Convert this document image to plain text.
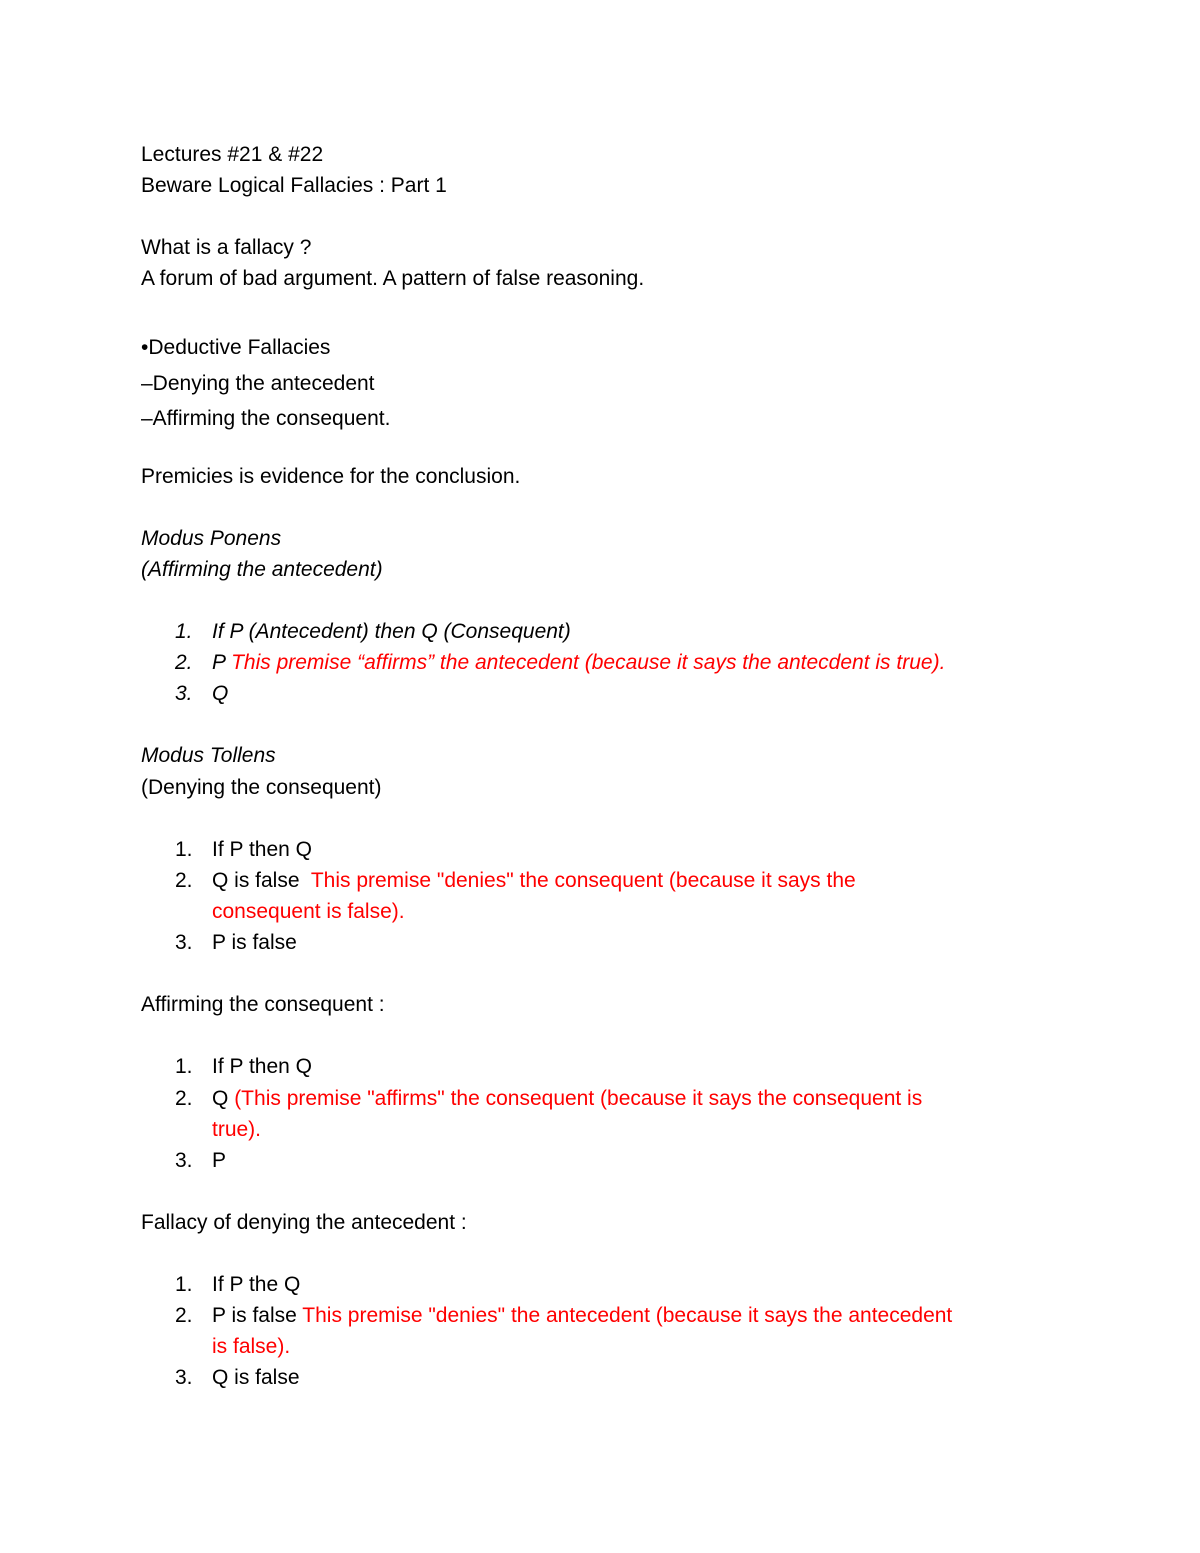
Lectures #21 & #22

Beware Logical Fallacies : Part 1

What is a fallacy ?

A forum of bad argument. A pattern of false reasoning.

•Deductive Fallacies

–Denying the antecedent

–Affirming the consequent.

Premicies is evidence for the conclusion.

Modus Ponens

(Affirming the antecedent)

1. If P (Antecedent) then Q (Consequent)
2. P This premise “affirms” the antecedent (because it says the antecdent is true).
3. Q

Modus Tollens

(Denying the consequent)

1. If P then Q
2. Q is false This premise "denies" the consequent (because it says the
consequent is false).
3. P is false

Affirming the consequent :

1. If P then Q
2. Q (This premise "affirms" the consequent (because it says the consequent is
true).
3. P

Fallacy of denying the antecedent :

1. If P the Q
2. P is false This premise "denies" the antecedent (because it says the antecedent
is false).
3. Q is false
